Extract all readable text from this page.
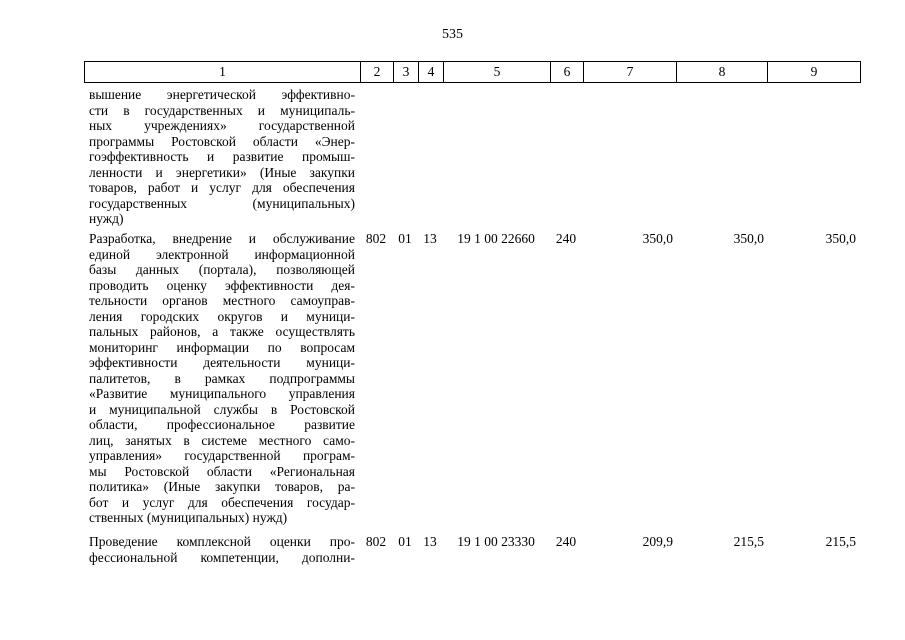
535
1	2	3	4	5	6	7	8	9
вышение энергетической эффективно-
сти в государственных и муниципаль-
ных учреждениях» государственной
программы Ростовской области «Энер-
гоэффективность и развитие промыш-
ленности и энергетики» (Иные закупки
товаров, работ и услуг для обеспечения
государственных (муниципальных)
нужд)
Разработка, внедрение и обслуживание
единой электронной информационной
базы данных (портала), позволяющей
проводить оценку эффективности дея-
тельности органов местного самоуправ-
ления городских округов и муници-
пальных районов, а также осуществлять
мониторинг информации по вопросам
эффективности деятельности муници-
палитетов, в рамках подпрограммы
«Развитие муниципального управления
и муниципальной службы в Ростовской
области, профессиональное развитие
лиц, занятых в системе местного само-
управления» государственной програм-
мы Ростовской области «Региональная
политика» (Иные закупки товаров, ра-
бот и услуг для обеспечения государ-
ственных (муниципальных) нужд)
802 01 13	19 1 00 22660	240	350,0	350,0	350,0
Проведение комплексной оценки про-
фессиональной компетенции, дополни-
802 01 13	19 1 00 23330	240	209,9	215,5	215,5
